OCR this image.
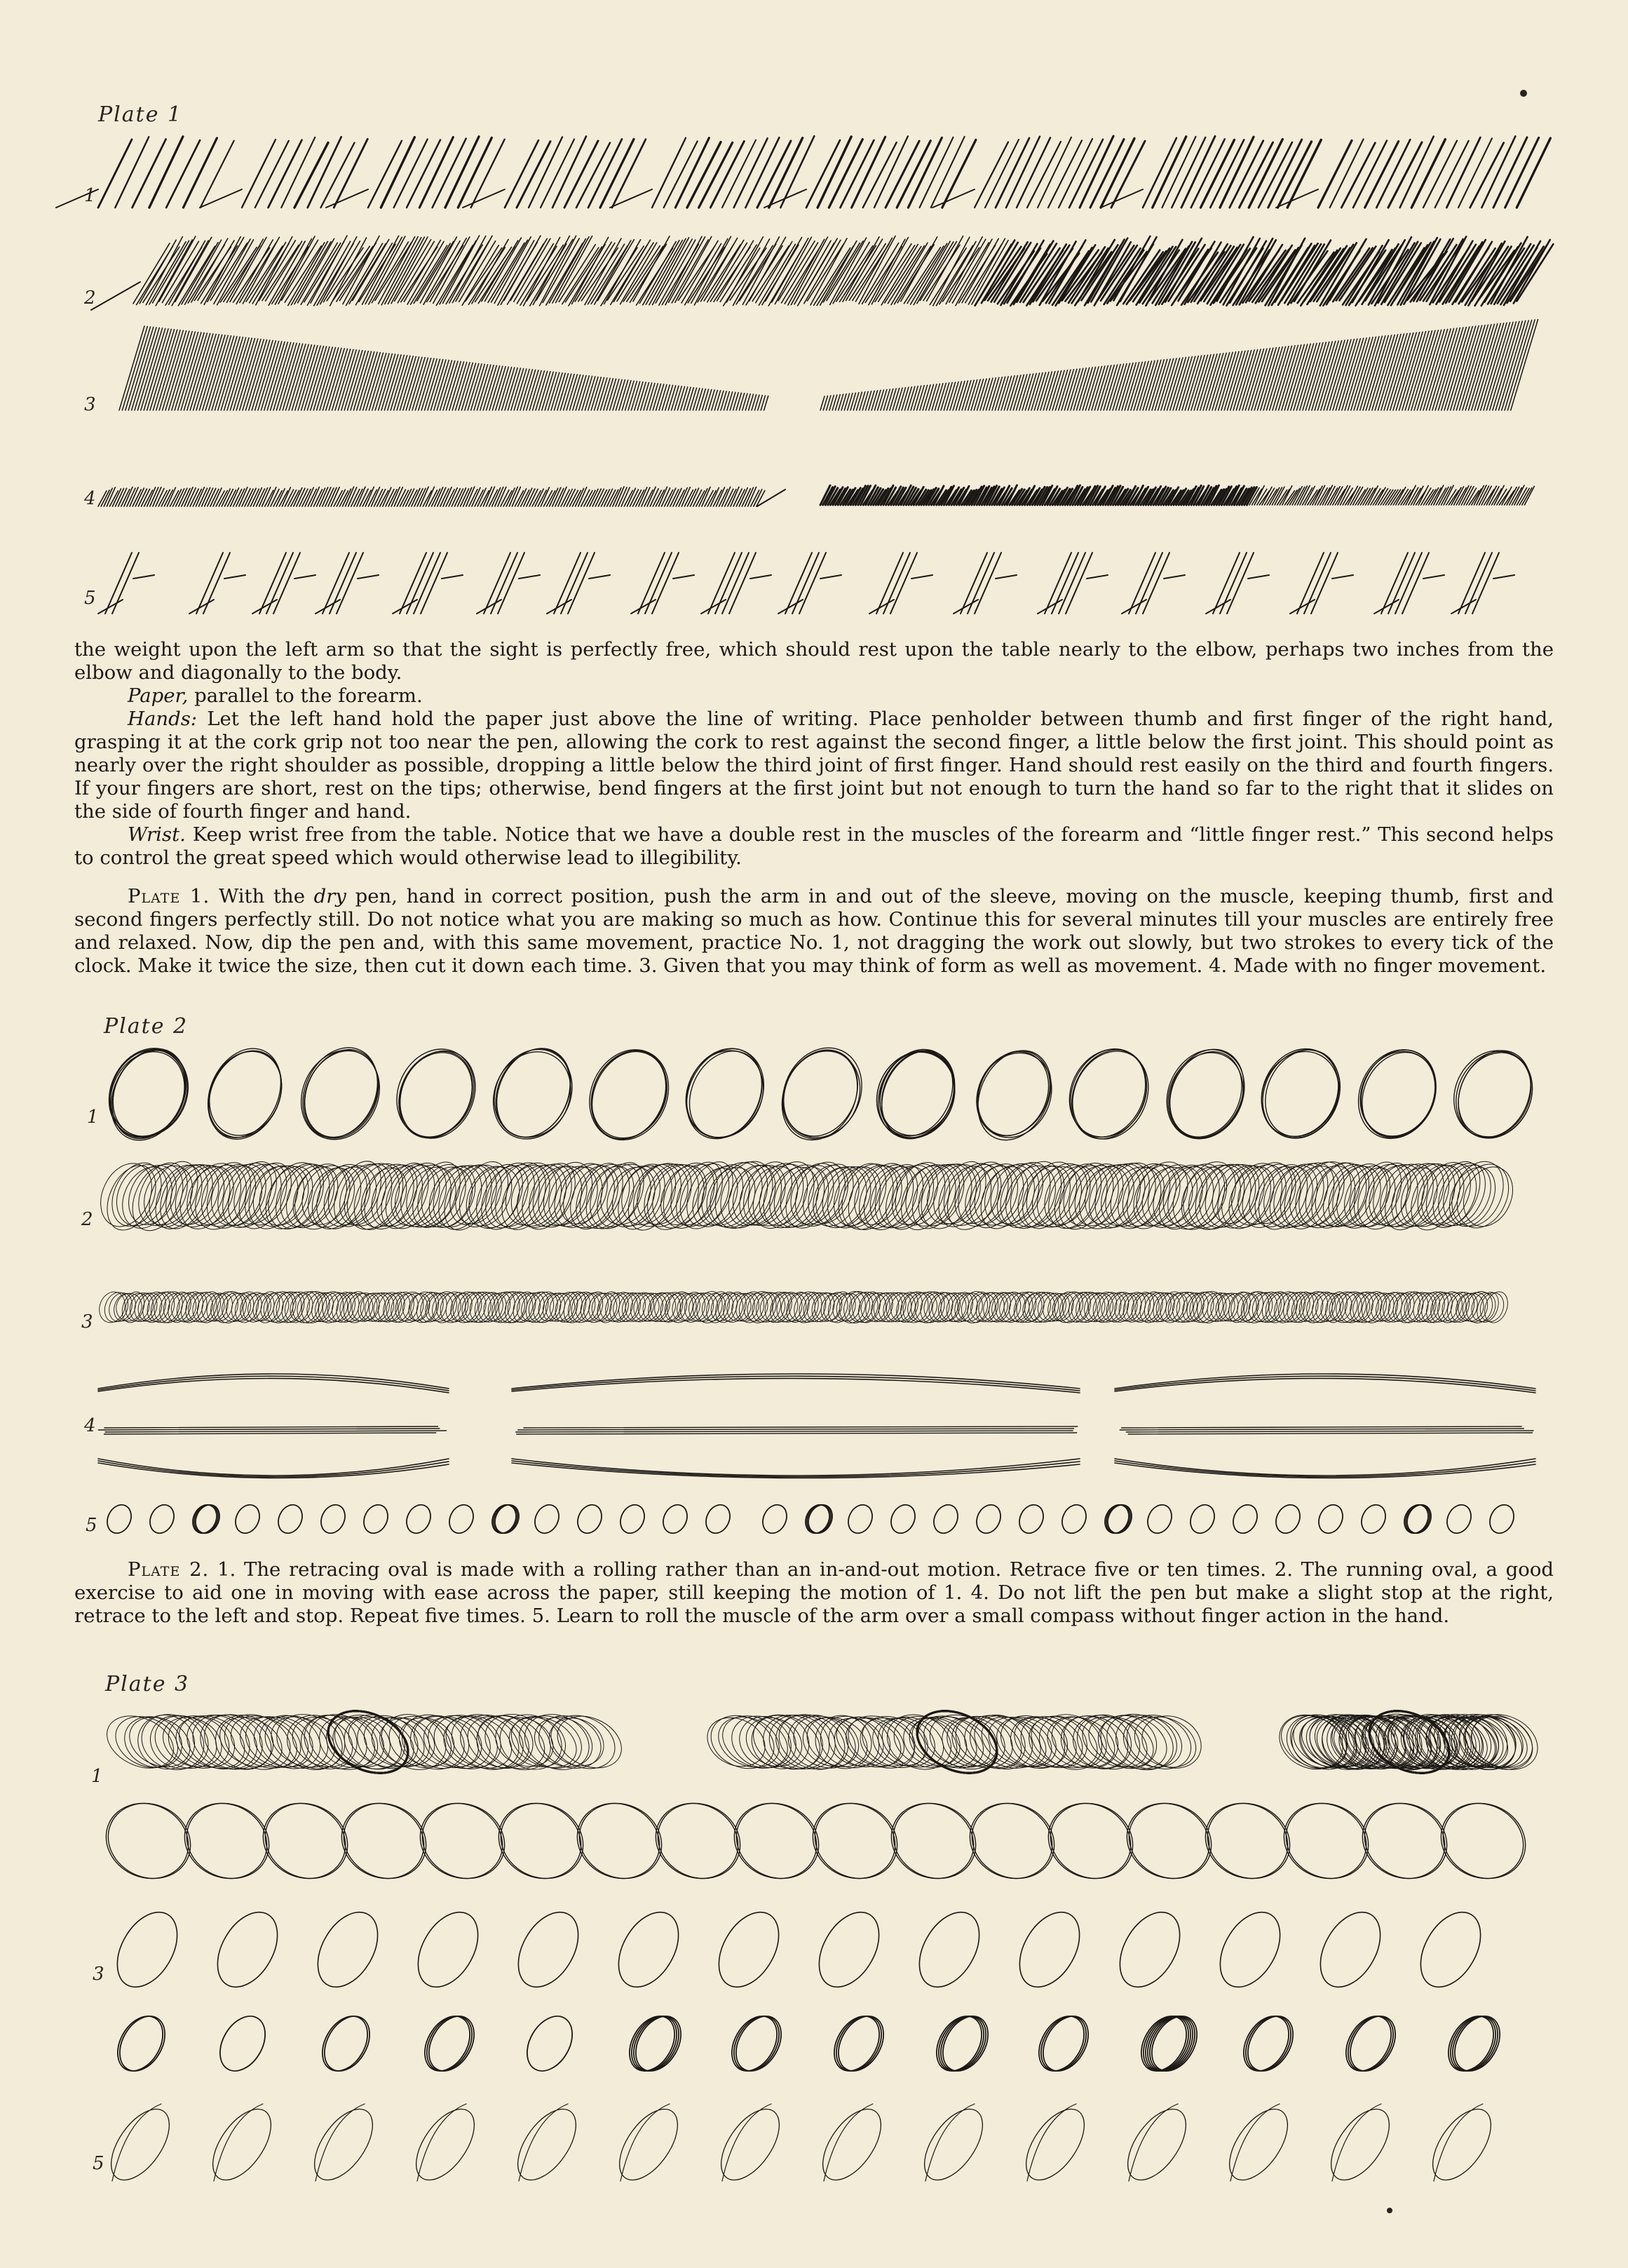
Plate 1
1
2
3
4
5

the weight upon the left arm so that the sight is perfectly free, which should rest upon the table nearly to the elbow, perhaps two inches from the elbow and diagonally to the body.

Paper, parallel to the forearm.

Hands: Let the left hand hold the paper just above the line of writing. Place penholder between thumb and first finger of the right hand, grasping it at the cork grip not too near the pen, allowing the cork to rest against the second finger, a little below the first joint. This should point as nearly over the right shoulder as possible, dropping a little below the third joint of first finger. Hand should rest easily on the third and fourth fingers. If your fingers are short, rest on the tips; otherwise, bend fingers at the first joint but not enough to turn the hand so far to the right that it slides on the side of fourth finger and hand.

Wrist. Keep wrist free from the table. Notice that we have a double rest in the muscles of the forearm and “little finger rest.” This second helps to control the great speed which would otherwise lead to illegibility.

Plate 1. With the dry pen, hand in correct position, push the arm in and out of the sleeve, moving on the muscle, keeping thumb, first and second fingers perfectly still. Do not notice what you are making so much as how. Continue this for several minutes till your muscles are entirely free and relaxed. Now, dip the pen and, with this same movement, practice No. 1, not dragging the work out slowly, but two strokes to every tick of the clock. Make it twice the size, then cut it down each time. 3. Given that you may think of form as well as movement. 4. Made with no finger movement.

Plate 2
1
2
3
4
5

Plate 2. 1. The retracing oval is made with a rolling rather than an in-and-out motion. Retrace five or ten times. 2. The running oval, a good exercise to aid one in moving with ease across the paper, still keeping the motion of 1. 4. Do not lift the pen but make a slight stop at the right, retrace to the left and stop. Repeat five times. 5. Learn to roll the muscle of the arm over a small compass without finger action in the hand.

Plate 3
1
3
5
